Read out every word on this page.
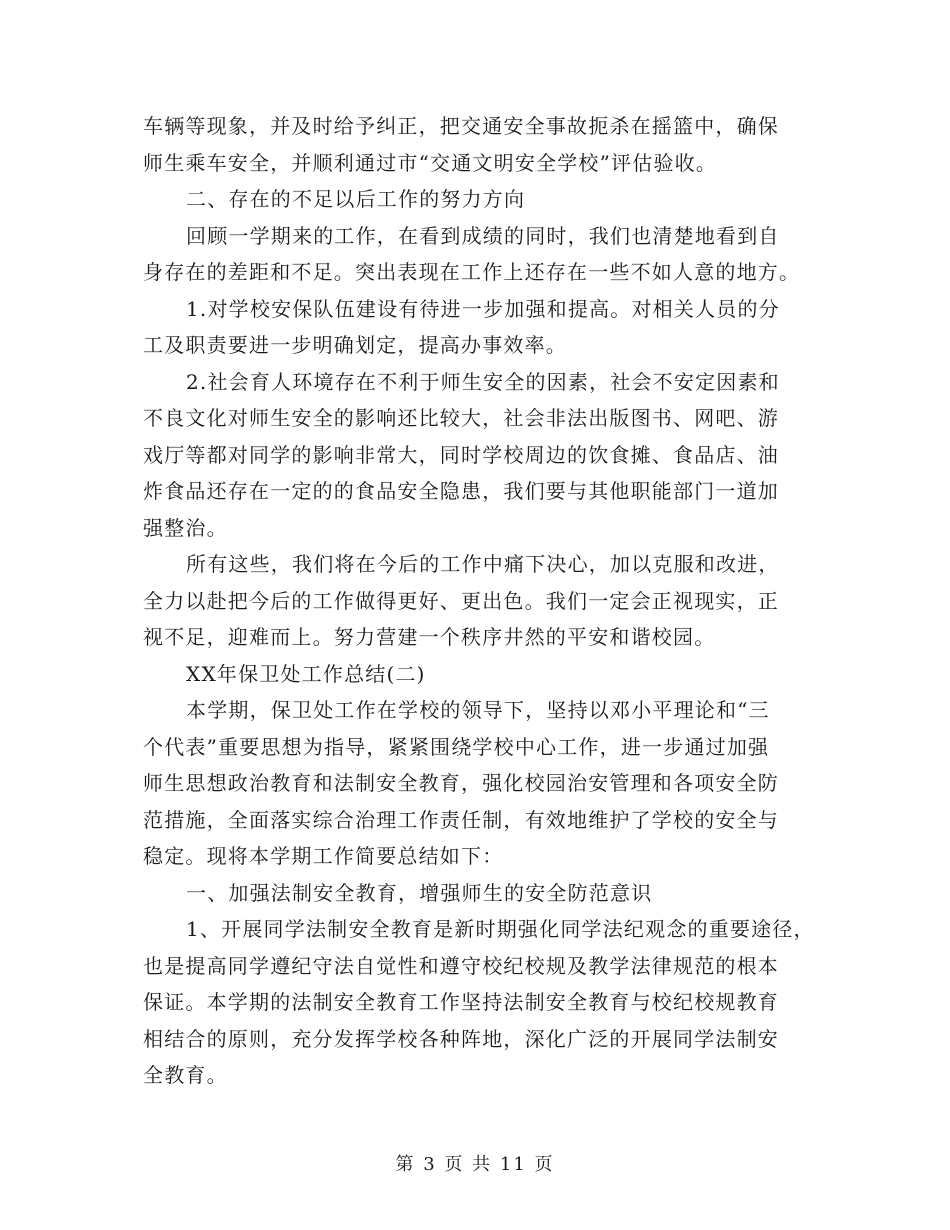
车辆等现象，并及时给予纠正，把交通安全事故扼杀在摇篮中，确保
师生乘车安全，并顺利通过市“交通文明安全学校”评估验收。
二、存在的不足以后工作的努力方向
回顾一学期来的工作，在看到成绩的同时，我们也清楚地看到自
身存在的差距和不足。突出表现在工作上还存在一些不如人意的地方。
1.对学校安保队伍建设有待进一步加强和提高。对相关人员的分
工及职责要进一步明确划定，提高办事效率。
2.社会育人环境存在不利于师生安全的因素，社会不安定因素和
不良文化对师生安全的影响还比较大，社会非法出版图书、网吧、游
戏厅等都对同学的影响非常大，同时学校周边的饮食摊、食品店、油
炸食品还存在一定的的食品安全隐患，我们要与其他职能部门一道加
强整治。
所有这些，我们将在今后的工作中痛下决心，加以克服和改进，
全力以赴把今后的工作做得更好、更出色。我们一定会正视现实，正
视不足，迎难而上。努力营建一个秩序井然的平安和谐校园。
XX年保卫处工作总结(二)
本学期，保卫处工作在学校的领导下，坚持以邓小平理论和“三
个代表”重要思想为指导，紧紧围绕学校中心工作，进一步通过加强
师生思想政治教育和法制安全教育，强化校园治安管理和各项安全防
范措施，全面落实综合治理工作责任制，有效地维护了学校的安全与
稳定。现将本学期工作简要总结如下：
一、加强法制安全教育，增强师生的安全防范意识
1、开展同学法制安全教育是新时期强化同学法纪观念的重要途径，
也是提高同学遵纪守法自觉性和遵守校纪校规及教学法律规范的根本
保证。本学期的法制安全教育工作坚持法制安全教育与校纪校规教育
相结合的原则，充分发挥学校各种阵地，深化广泛的开展同学法制安
全教育。
第 3 页 共 11 页
